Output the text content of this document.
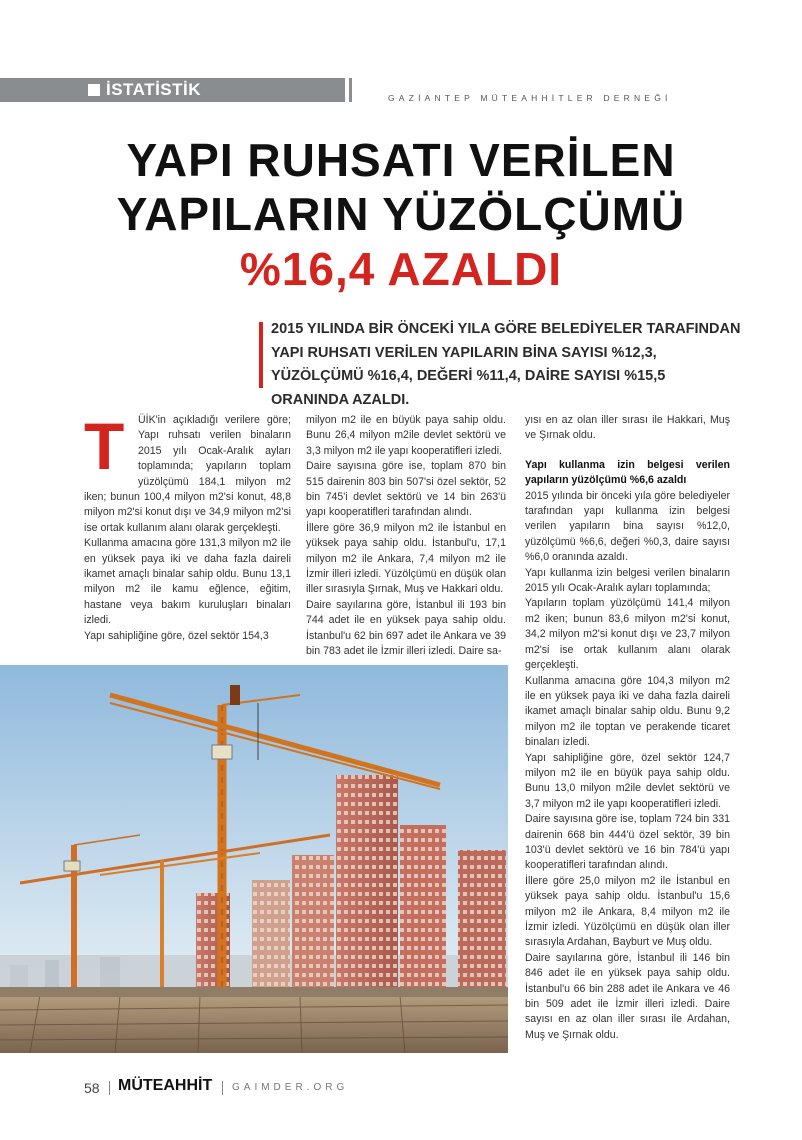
İSTATİSTİK	GAZİANTEP MÜTEAHHİTLER DERNEĞİ
YAPI RUHSATI VERİLEN
YAPILARIN YÜZÖLÇÜMÜ
%16,4 AZALDI

2015 YILINDA BİR ÖNCEKİ YILA GÖRE BELEDİYELER TARAFINDAN YAPI RUHSATI VERİLEN YAPILARIN BİNA SAYISI %12,3, YÜZÖLÇÜMÜ %16,4, DEĞERİ %11,4, DAİRE SAYISI %15,5 ORANINDA AZALDI.

T	ÜİK'in açıkladığı verilere göre; Yapı ruhsatı verilen binaların 2015 yılı Ocak-Aralık ayları toplamında; yapıların toplam yüzölçümü 184,1 milyon m2 iken; bunun 100,4 milyon m2'si konut, 48,8 milyon m2'si konut dışı ve 34,9 milyon m2'si ise ortak kullanım alanı olarak gerçekleşti.

Kullanma amacına göre 131,3 milyon m2 ile en yüksek paya iki ve daha fazla daireli ikamet amaçlı binalar sahip oldu. Bunu 13,1 milyon m2 ile kamu eğlence, eğitim, hastane veya bakım kuruluşları binaları izledi.

Yapı sahipliğine göre, özel sektör 154,3

milyon m2 ile en büyük paya sahip oldu. Bunu 26,4 milyon m2ile devlet sektörü ve 3,3 milyon m2 ile yapı kooperatifleri izledi.

Daire sayısına göre ise, toplam 870 bin 515 dairenin 803 bin 507'si özel sektör, 52 bin 745'i devlet sektörü ve 14 bin 263'ü yapı kooperatifleri tarafından alındı.

İllere göre 36,9 milyon m2 ile İstanbul en yüksek paya sahip oldu. İstanbul'u, 17,1 milyon m2 ile Ankara, 7,4 milyon m2 ile İzmir illeri izledi. Yüzölçümü en düşük olan iller sırasıyla Şırnak, Muş ve Hakkari oldu.

Daire sayılarına göre, İstanbul ili 193 bin 744 adet ile en yüksek paya sahip oldu. İstanbul'u 62 bin 697 adet ile Ankara ve 39 bin 783 adet ile İzmir illeri izledi. Daire sa-

yısı en az olan iller sırası ile Hakkari, Muş ve Şırnak oldu.

Yapı kullanma izin belgesi verilen yapıların yüzölçümü %6,6 azaldı

2015 yılında bir önceki yıla göre belediyeler tarafından yapı kullanma izin belgesi verilen yapıların bina sayısı %12,0, yüzölçümü %6,6, değeri %0,3, daire sayısı %6,0 oranında azaldı.

Yapı kullanma izin belgesi verilen binaların 2015 yılı Ocak-Aralık ayları toplamında;

Yapıların toplam yüzölçümü 141,4 milyon m2 iken; bunun 83,6 milyon m2'si konut, 34,2 milyon m2'si konut dışı ve 23,7 milyon m2'si ise ortak kullanım alanı olarak gerçekleşti.

Kullanma amacına göre 104,3 milyon m2 ile en yüksek paya iki ve daha fazla daireli ikamet amaçlı binalar sahip oldu. Bunu 9,2 milyon m2 ile toptan ve perakende ticaret binaları izledi.

Yapı sahipliğine göre, özel sektör 124,7 milyon m2 ile en büyük paya sahip oldu. Bunu 13,0 milyon m2ile devlet sektörü ve 3,7 milyon m2 ile yapı kooperatifleri izledi.

Daire sayısına göre ise, toplam 724 bin 331 dairenin 668 bin 444'ü özel sektör, 39 bin 103'ü devlet sektörü ve 16 bin 784'ü yapı kooperatifleri tarafından alındı.

İllere göre 25,0 milyon m2 ile İstanbul en yüksek paya sahip oldu. İstanbul'u 15,6 milyon m2 ile Ankara, 8,4 milyon m2 ile İzmir izledi. Yüzölçümü en düşük olan iller sırasıyla Ardahan, Bayburt ve Muş oldu.

Daire sayılarına göre, İstanbul ili 146 bin 846 adet ile en yüksek paya sahip oldu. İstanbul'u 66 bin 288 adet ile Ankara ve 46 bin 509 adet ile İzmir illeri izledi. Daire sayısı en az olan iller sırası ile Ardahan, Muş ve Şırnak oldu.

58 MÜTEAHHİT GAIMDER.ORG
